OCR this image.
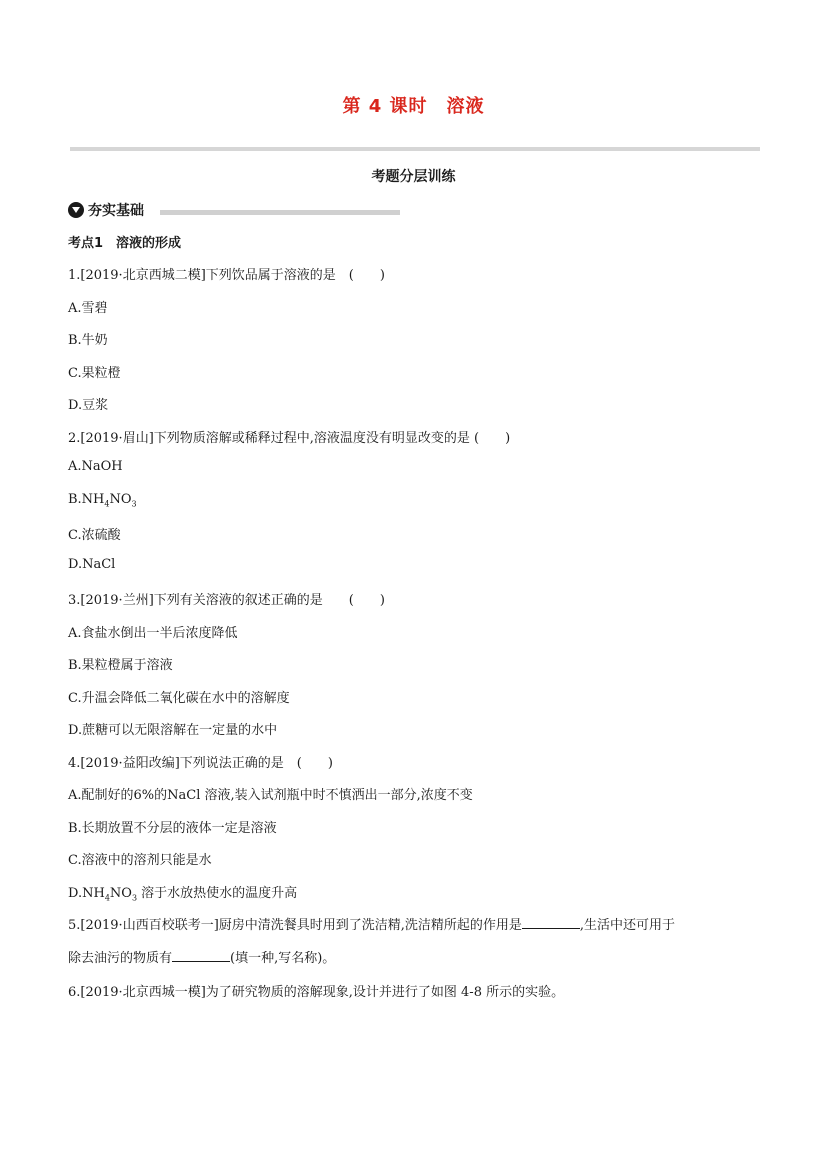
第 4 课时　溶液
考题分层训练
夯实基础
考点1　溶液的形成
1.[2019·北京西城二模]下列饮品属于溶液的是　(　　)
A.雪碧
B.牛奶
C.果粒橙
D.豆浆
2.[2019·眉山]下列物质溶解或稀释过程中,溶液温度没有明显改变的是 (　　)
A.NaOH
$B.NH_4NO_3$
C.浓硫酸
D.NaCl
3.[2019·兰州]下列有关溶液的叙述正确的是　　(　　)
A.食盐水倒出一半后浓度降低
B.果粒橙属于溶液
C.升温会降低二氧化碳在水中的溶解度
D.蔗糖可以无限溶解在一定量的水中
4.[2019·益阳改编]下列说法正确的是　(　　)
A.配制好的6%的NaCl 溶液,装入试剂瓶中时不慎洒出一部分,浓度不变
B.长期放置不分层的液体一定是溶液
C.溶液中的溶剂只能是水
$D.NH_4NO_3$ 溶于水放热使水的温度升高
5.[2019·山西百校联考一]厨房中清洗餐具时用到了洗洁精,洗洁精所起的作用是	,生活中还可用于
除去油污的物质有	(填一种,写名称)。
6.[2019·北京西城一模]为了研究物质的溶解现象,设计并进行了如图 4-8 所示的实验。
